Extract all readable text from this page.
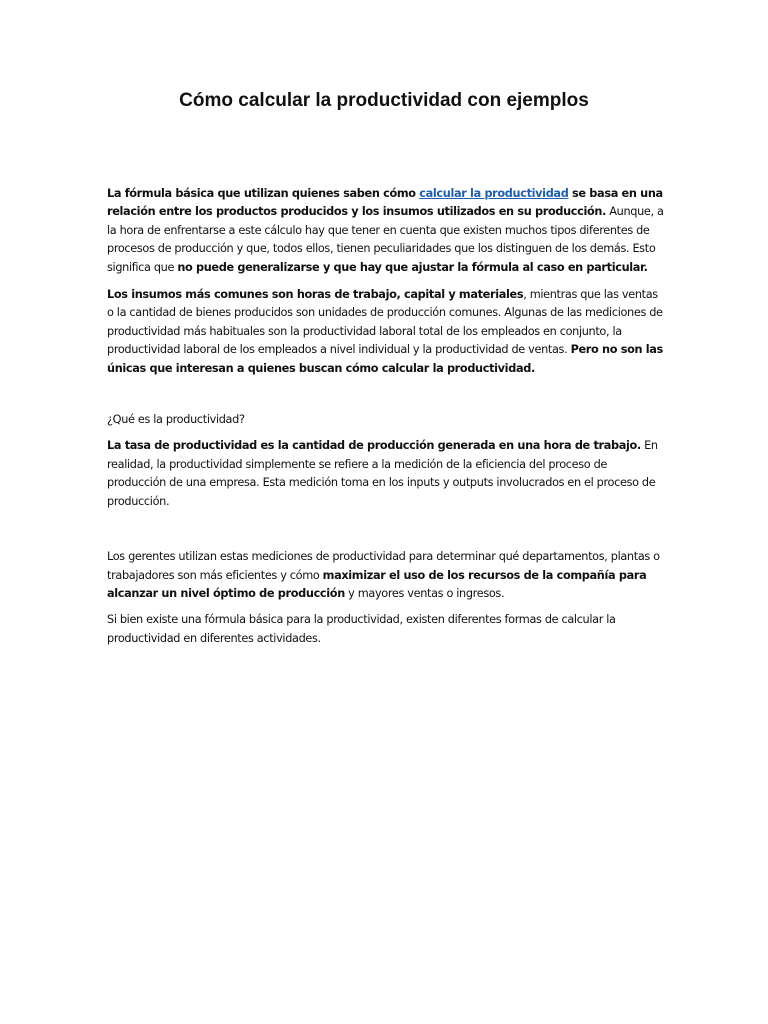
Cómo calcular la productividad con ejemplos

La fórmula básica que utilizan quienes saben cómo calcular la productividad se basa en una relación entre los productos producidos y los insumos utilizados en su producción. Aunque, a la hora de enfrentarse a este cálculo hay que tener en cuenta que existen muchos tipos diferentes de procesos de producción y que, todos ellos, tienen peculiaridades que los distinguen de los demás. Esto significa que no puede generalizarse y que hay que ajustar la fórmula al caso en particular.

Los insumos más comunes son horas de trabajo, capital y materiales, mientras que las ventas o la cantidad de bienes producidos son unidades de producción comunes. Algunas de las mediciones de productividad más habituales son la productividad laboral total de los empleados en conjunto, la productividad laboral de los empleados a nivel individual y la productividad de ventas. Pero no son las únicas que interesan a quienes buscan cómo calcular la productividad.

¿Qué es la productividad?

La tasa de productividad es la cantidad de producción generada en una hora de trabajo. En realidad, la productividad simplemente se refiere a la medición de la eficiencia del proceso de producción de una empresa. Esta medición toma en los inputs y outputs involucrados en el proceso de producción.

Los gerentes utilizan estas mediciones de productividad para determinar qué departamentos, plantas o trabajadores son más eficientes y cómo maximizar el uso de los recursos de la compañía para alcanzar un nivel óptimo de producción y mayores ventas o ingresos.

Si bien existe una fórmula básica para la productividad, existen diferentes formas de calcular la productividad en diferentes actividades.
